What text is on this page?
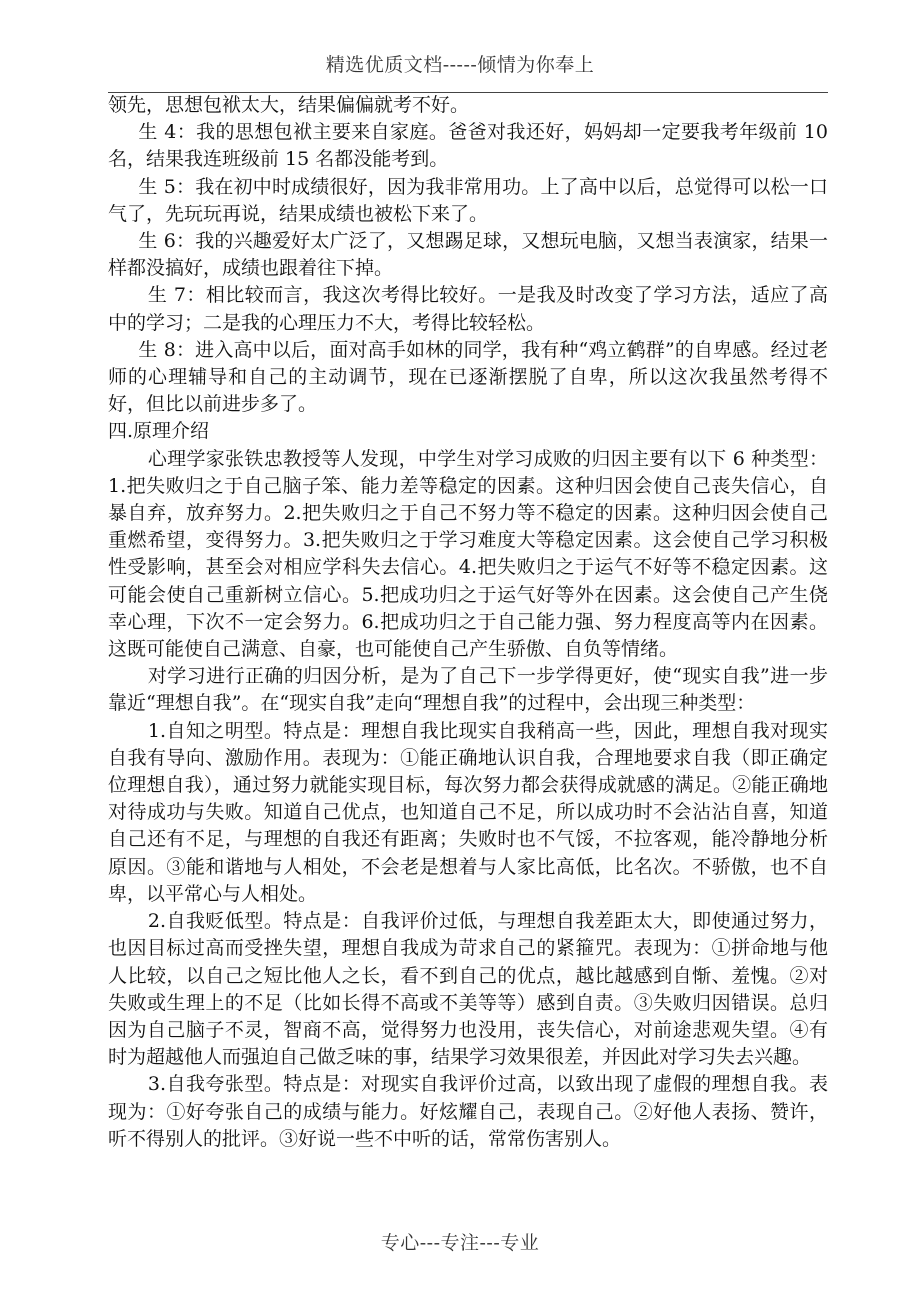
精选优质文档-----倾情为你奉上

领先，思想包袱太大，结果偏偏就考不好。

生 4：我的思想包袱主要来自家庭。爸爸对我还好，妈妈却一定要我考年级前 10 名，结果我连班级前 15 名都没能考到。

生 5：我在初中时成绩很好，因为我非常用功。上了高中以后，总觉得可以松一口气了，先玩玩再说，结果成绩也被松下来了。

生 6：我的兴趣爱好太广泛了，又想踢足球，又想玩电脑，又想当表演家，结果一样都没搞好，成绩也跟着往下掉。

生 7：相比较而言，我这次考得比较好。一是我及时改变了学习方法，适应了高中的学习；二是我的心理压力不大，考得比较轻松。

生 8：进入高中以后，面对高手如林的同学，我有种“鸡立鹤群”的自卑感。经过老师的心理辅导和自己的主动调节，现在已逐渐摆脱了自卑，所以这次我虽然考得不好，但比以前进步多了。

四.原理介绍

心理学家张铁忠教授等人发现，中学生对学习成败的归因主要有以下 6 种类型：1.把失败归之于自己脑子笨、能力差等稳定的因素。这种归因会使自己丧失信心，自暴自弃，放弃努力。2.把失败归之于自己不努力等不稳定的因素。这种归因会使自己重燃希望，变得努力。3.把失败归之于学习难度大等稳定因素。这会使自己学习积极性受影响，甚至会对相应学科失去信心。4.把失败归之于运气不好等不稳定因素。这可能会使自己重新树立信心。5.把成功归之于运气好等外在因素。这会使自己产生侥幸心理，下次不一定会努力。6.把成功归之于自己能力强、努力程度高等内在因素。这既可能使自己满意、自豪，也可能使自己产生骄傲、自负等情绪。

对学习进行正确的归因分析，是为了自己下一步学得更好，使“现实自我”进一步靠近“理想自我”。在“现实自我”走向“理想自我”的过程中，会出现三种类型：

1.自知之明型。特点是：理想自我比现实自我稍高一些，因此，理想自我对现实自我有导向、激励作用。表现为：①能正确地认识自我，合理地要求自我（即正确定位理想自我），通过努力就能实现目标，每次努力都会获得成就感的满足。②能正确地对待成功与失败。知道自己优点，也知道自己不足，所以成功时不会沾沾自喜，知道自己还有不足，与理想的自我还有距离；失败时也不气馁，不拉客观，能冷静地分析原因。③能和谐地与人相处，不会老是想着与人家比高低，比名次。不骄傲，也不自卑，以平常心与人相处。

2.自我贬低型。特点是：自我评价过低，与理想自我差距太大，即使通过努力，也因目标过高而受挫失望，理想自我成为苛求自己的紧箍咒。表现为：①拼命地与他人比较，以自己之短比他人之长，看不到自己的优点，越比越感到自惭、羞愧。②对失败或生理上的不足（比如长得不高或不美等等）感到自责。③失败归因错误。总归因为自己脑子不灵，智商不高，觉得努力也没用，丧失信心，对前途悲观失望。④有时为超越他人而强迫自己做乏味的事，结果学习效果很差，并因此对学习失去兴趣。

3.自我夸张型。特点是：对现实自我评价过高，以致出现了虚假的理想自我。表现为：①好夸张自己的成绩与能力。好炫耀自己，表现自己。②好他人表扬、赞许，听不得别人的批评。③好说一些不中听的话，常常伤害别人。

专心---专注---专业
